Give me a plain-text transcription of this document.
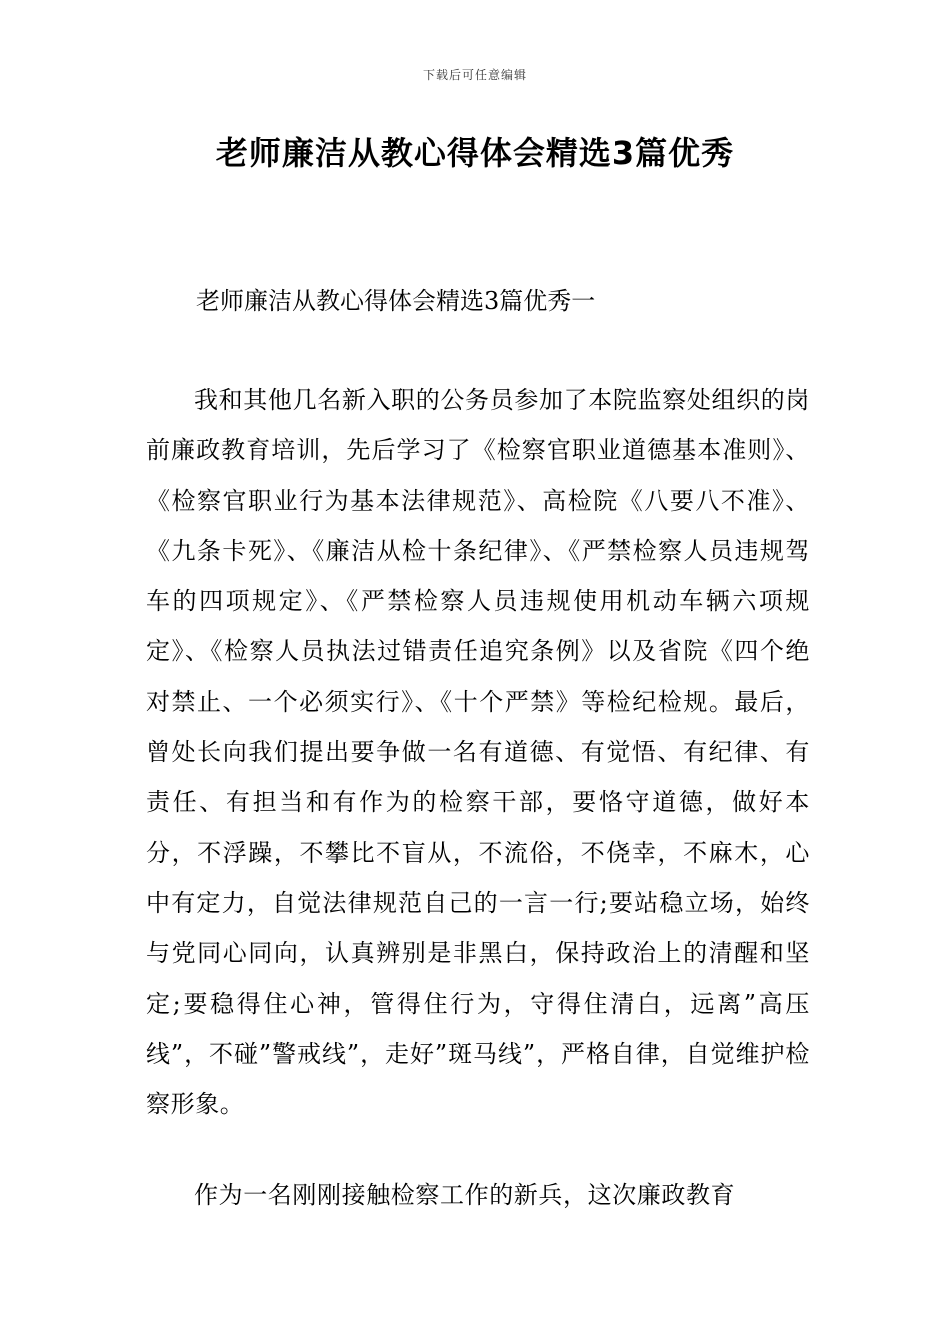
下载后可任意编辑
老师廉洁从教心得体会精选3篇优秀
老师廉洁从教心得体会精选3篇优秀一

我和其他几名新入职的公务员参加了本院监察处组织的岗前廉政教育培训，先后学习了《检察官职业道德基本准则》、《检察官职业行为基本法律规范》、高检院《八要八不准》、《九条卡死》、《廉洁从检十条纪律》、《严禁检察人员违规驾车的四项规定》、《严禁检察人员违规使用机动车辆六项规定》、《检察人员执法过错责任追究条例》以及省院《四个绝对禁止、一个必须实行》、《十个严禁》等检纪检规。最后，曾处长向我们提出要争做一名有道德、有觉悟、有纪律、有责任、有担当和有作为的检察干部，要恪守道德，做好本分，不浮躁，不攀比不盲从，不流俗，不侥幸，不麻木，心中有定力，自觉法律规范自己的一言一行;要站稳立场，始终与党同心同向，认真辨别是非黑白，保持政治上的清醒和坚定;要稳得住心神，管得住行为，守得住清白，远离”高压线”，不碰”警戒线”，走好”斑马线”，严格自律，自觉维护检察形象。

作为一名刚刚接触检察工作的新兵，这次廉政教育
